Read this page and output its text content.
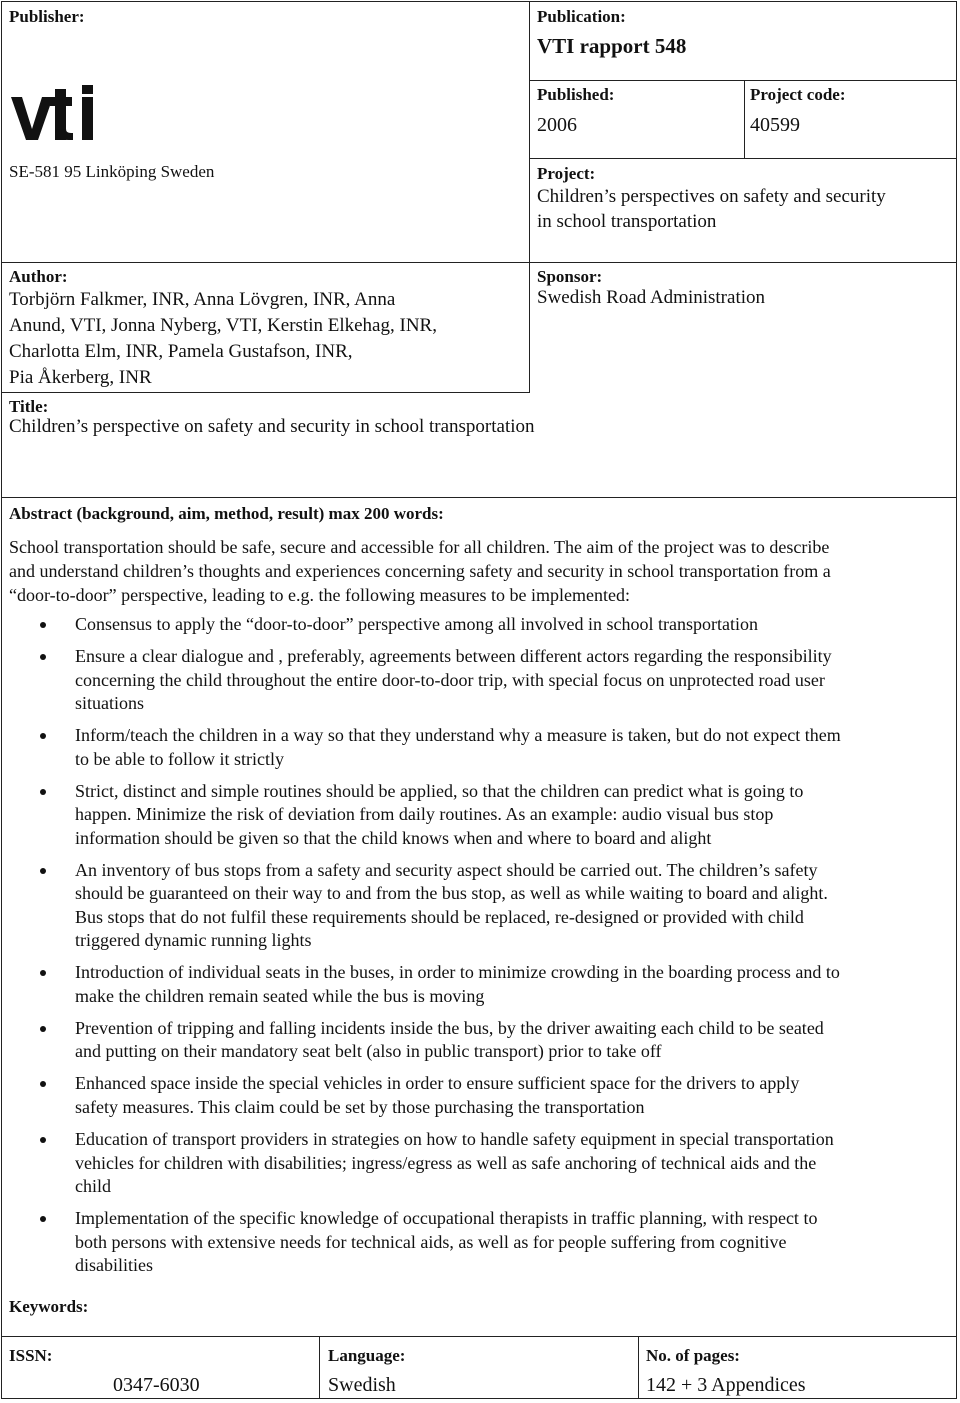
Publisher:
SE-581 95 Linköping Sweden
Publication:
VTI rapport 548
Published:
2006
Project code:
40599
Project:
Children’s perspectives on safety and security
in school transportation
Author:
Torbjörn Falkmer, INR, Anna Lövgren, INR, Anna
Anund, VTI, Jonna Nyberg, VTI, Kerstin Elkehag, INR,
Charlotta Elm, INR, Pamela Gustafson, INR,
Pia Åkerberg, INR
Sponsor:
Swedish Road Administration
Title:
Children’s perspective on safety and security in school transportation
Abstract (background, aim, method, result) max 200 words:
School transportation should be safe, secure and accessible for all children. The aim of the project was to describe
and understand children’s thoughts and experiences concerning safety and security in school transportation from a
“door-to-door” perspective, leading to e.g. the following measures to be implemented:
Consensus to apply the “door-to-door” perspective among all involved in school transportation
Ensure a clear dialogue and , preferably, agreements between different actors regarding the responsibility
concerning the child throughout the entire door-to-door trip, with special focus on unprotected road user
situations
Inform/teach the children in a way so that they understand why a measure is taken, but do not expect them
to be able to follow it strictly
Strict, distinct and simple routines should be applied, so that the children can predict what is going to
happen. Minimize the risk of deviation from daily routines. As an example: audio visual bus stop
information should be given so that the child knows when and where to board and alight
An inventory of bus stops from a safety and security aspect should be carried out. The children’s safety
should be guaranteed on their way to and from the bus stop, as well as while waiting to board and alight.
Bus stops that do not fulfil these requirements should be replaced, re-designed or provided with child
triggered dynamic running lights
Introduction of individual seats in the buses, in order to minimize crowding in the boarding process and to
make the children remain seated while the bus is moving
Prevention of tripping and falling incidents inside the bus, by the driver awaiting each child to be seated
and putting on their mandatory seat belt (also in public transport) prior to take off
Enhanced space inside the special vehicles in order to ensure sufficient space for the drivers to apply
safety measures. This claim could be set by those purchasing the transportation
Education of transport providers in strategies on how to handle safety equipment in special transportation
vehicles for children with disabilities; ingress/egress as well as safe anchoring of technical aids and the
child
Implementation of the specific knowledge of occupational therapists in traffic planning, with respect to
both persons with extensive needs for technical aids, as well as for people suffering from cognitive
disabilities
Keywords:
ISSN:
0347-6030
Language:
Swedish
No. of pages:
142 + 3 Appendices
